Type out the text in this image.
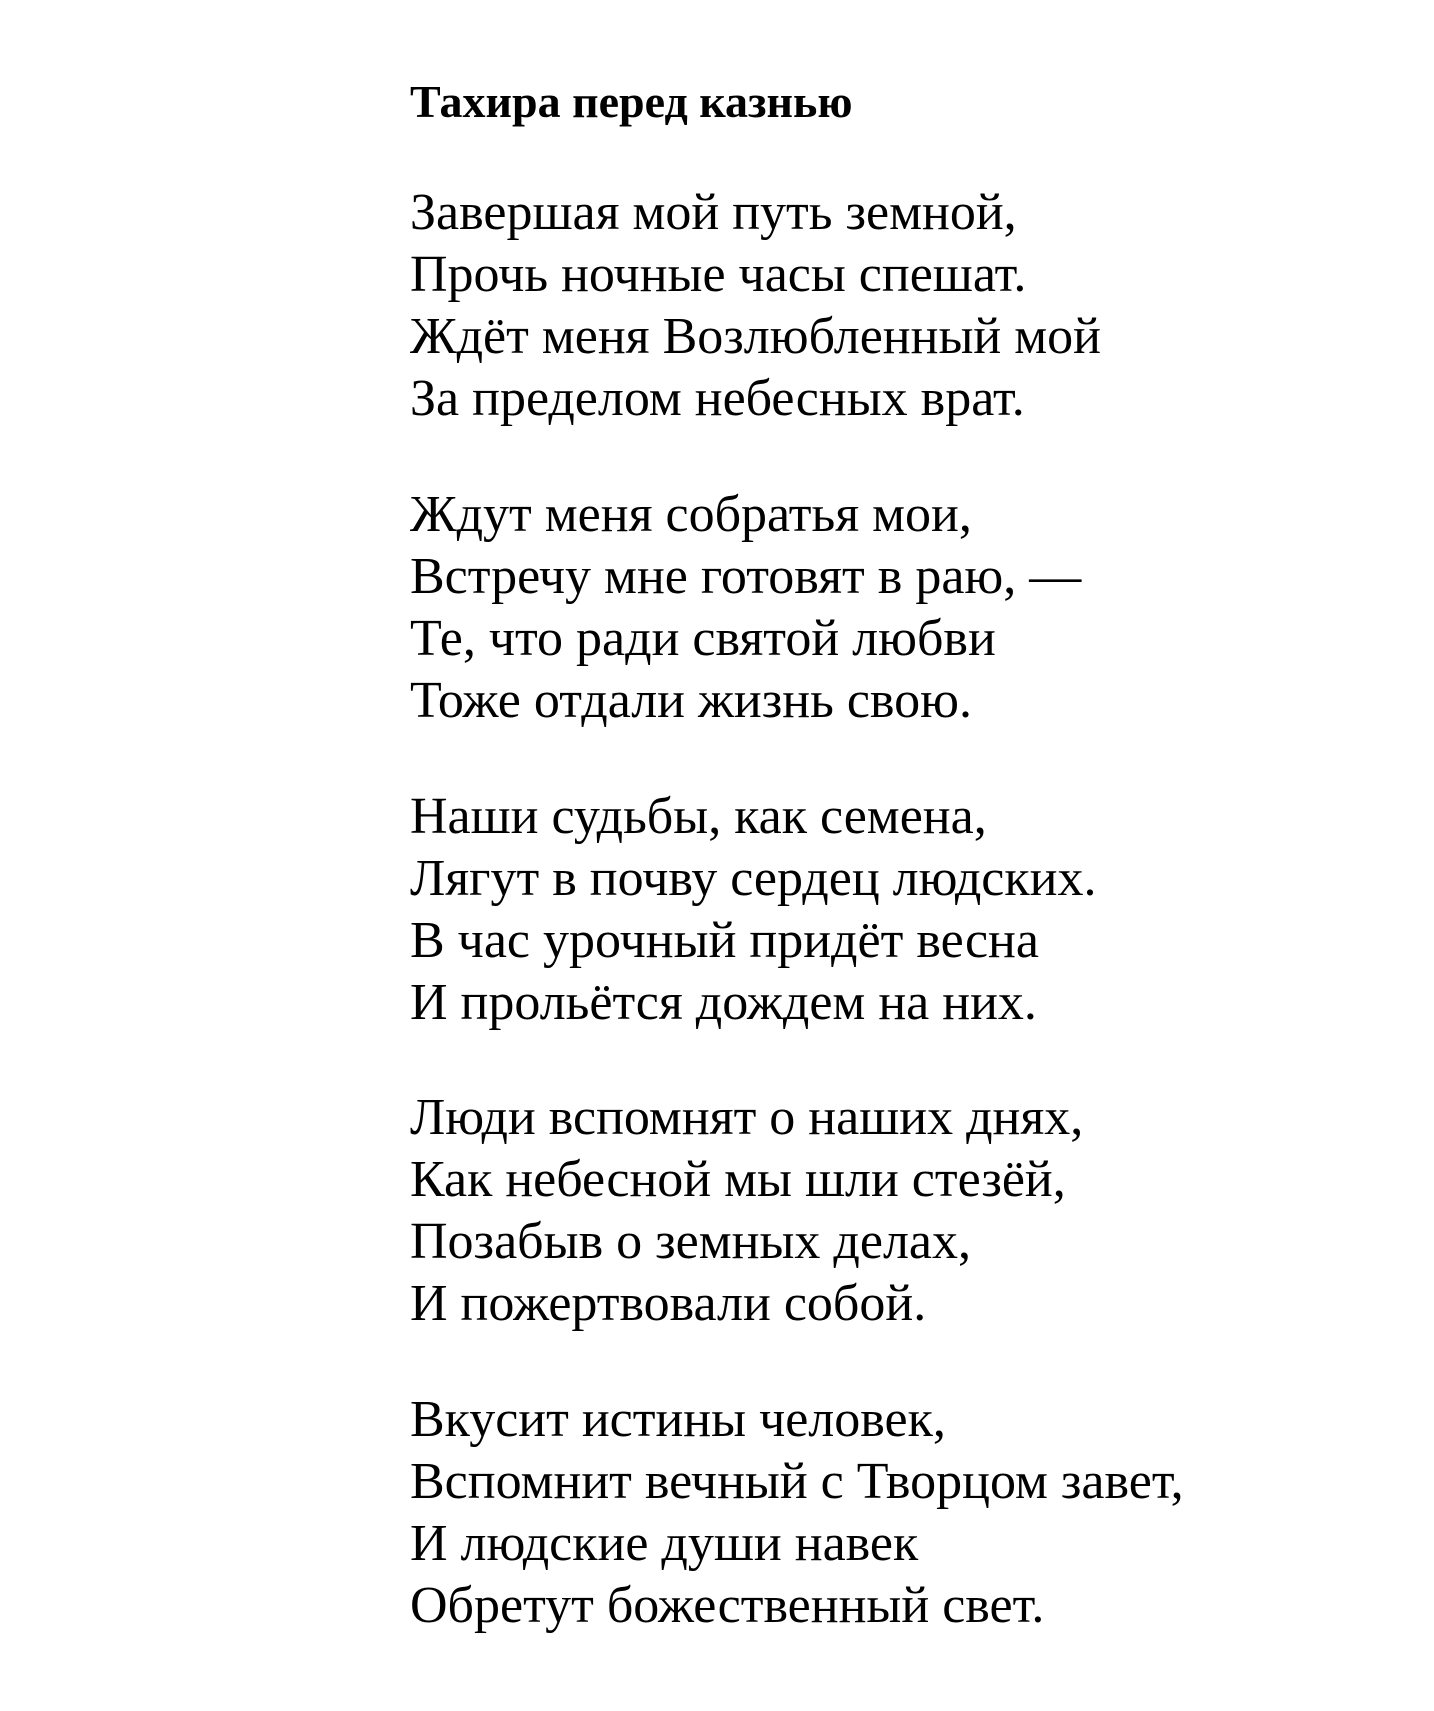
Тахира перед казнью
Завершая мой путь земной,
Прочь ночные часы спешат.
Ждёт меня Возлюбленный мой
За пределом небесных врат.
Ждут меня собратья мои,
Встречу мне готовят в раю, —
Те, что ради святой любви
Тоже отдали жизнь свою.
Наши судьбы, как семена,
Лягут в почву сердец людских.
В час урочный придёт весна
И прольётся дождем на них.
Люди вспомнят о наших днях,
Как небесной мы шли стезёй,
Позабыв о земных делах,
И пожертвовали собой.
Вкусит истины человек,
Вспомнит вечный с Творцом завет,
И людские души навек
Обретут божественный свет.
